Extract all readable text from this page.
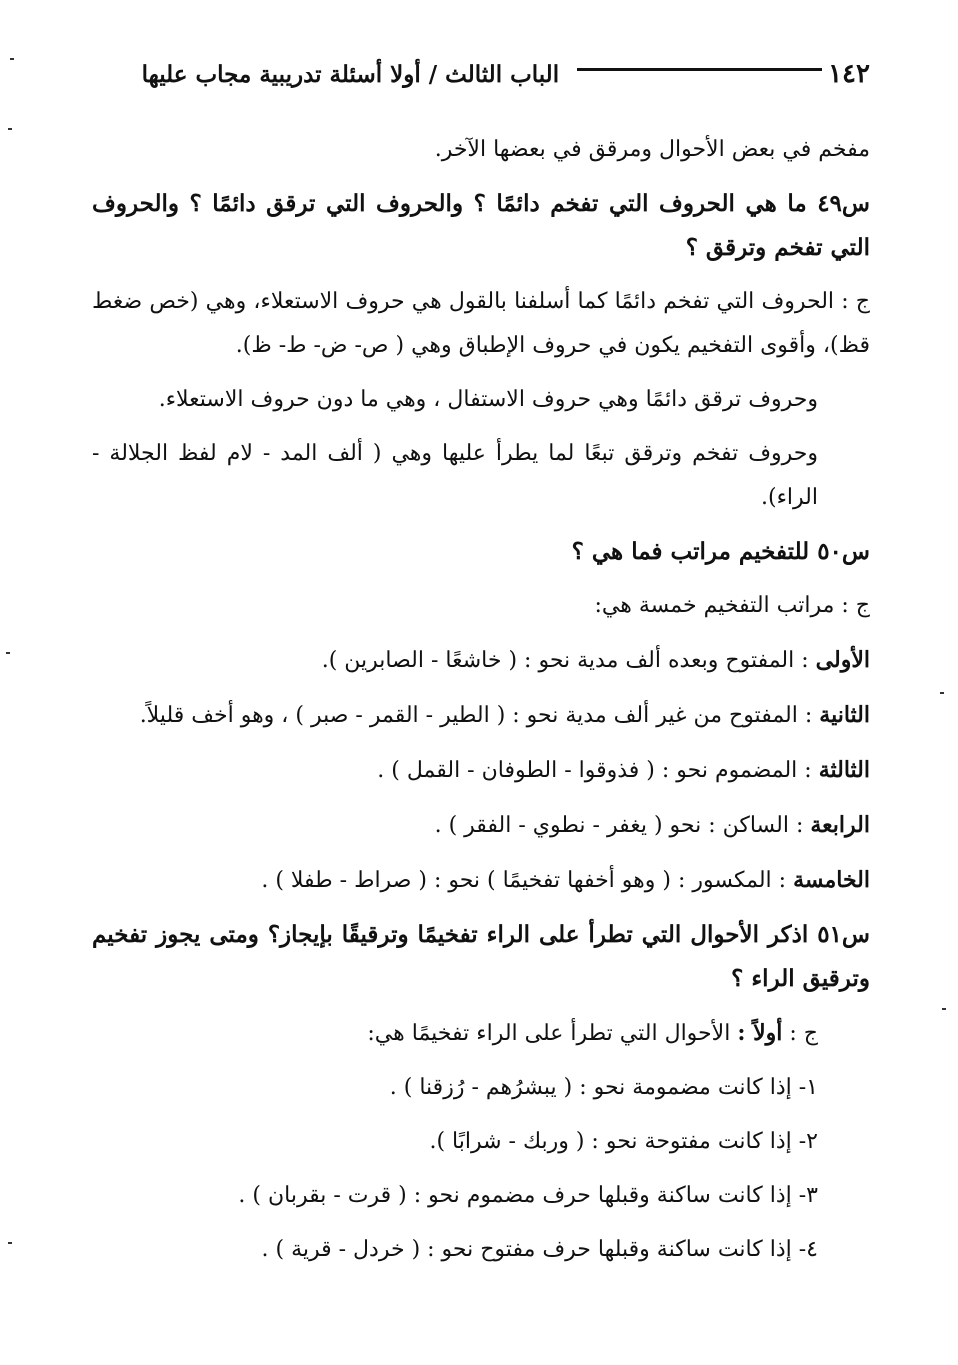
١٤٢
الباب الثالث / أولا أسئلة تدريبية مجاب عليها

مفخم في بعض الأحوال ومرقق في بعضها الآخر.

س٤٩ ما هي الحروف التي تفخم دائمًا ؟ والحروف التي ترقق دائمًا ؟ والحروف التي تفخم وترقق ؟

ج : الحروف التي تفخم دائمًا كما أسلفنا بالقول هي حروف الاستعلاء، وهي (خص ضغط قظ)، وأقوى التفخيم يكون في حروف الإطباق وهي ( ص- ض- ط- ظ).

وحروف ترقق دائمًا وهي حروف الاستفال ، وهي ما دون حروف الاستعلاء.

وحروف تفخم وترقق تبعًا لما يطرأ عليها وهي ( ألف المد - لام لفظ الجلالة - الراء).

س٥٠ للتفخيم مراتب فما هي ؟

ج : مراتب التفخيم خمسة هي:

الأولى : المفتوح وبعده ألف مدية نحو : ( خاشعًا - الصابرين ).

الثانية : المفتوح من غير ألف مدية نحو : ( الطير - القمر - صبر ) ، وهو أخف قليلاً.

الثالثة : المضموم نحو : ( فذوقوا - الطوفان - القمل ) .

الرابعة : الساكن : نحو ( يغفر - نطوي - الفقر ) .

الخامسة : المكسور : ( وهو أخفها تفخيمًا ) نحو : ( صراط - طفلا ) .

س٥١ اذكر الأحوال التي تطرأ على الراء تفخيمًا وترقيقًا بإيجاز؟ ومتى يجوز تفخيم وترقيق الراء ؟

ج : أولاً : الأحوال التي تطرأ على الراء تفخيمًا هي:

١- إذا كانت مضمومة نحو : ( يبشرُهم - رُزقنا ) .

٢- إذا كانت مفتوحة نحو : ( وربك - شرابًا ).

٣- إذا كانت ساكنة وقبلها حرف مضموم نحو : ( قرت - بقربان ) .

٤- إذا كانت ساكنة وقبلها حرف مفتوح نحو : ( خردل - قرية ) .
